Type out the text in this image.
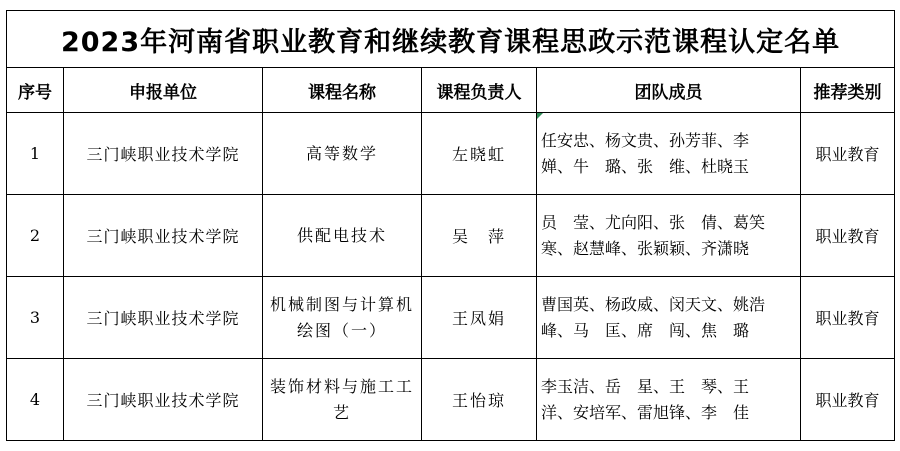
2023年河南省职业教育和继续教育课程思政示范课程认定名单					
序号	申报单位	课程名称	课程负责人	团队成员	推荐类别
1	三门峡职业技术学院	高等数学	左晓虹	任安忠、杨文贵、孙芳菲、李　婵、牛　璐、张　维、杜晓玉	职业教育
2	三门峡职业技术学院	供配电技术	吴　萍	员　莹、尤向阳、张　倩、葛笑寒、赵慧峰、张颖颖、齐潇晓	职业教育
3	三门峡职业技术学院	机械制图与计算机绘图（一）	王凤娟	曹国英、杨政威、闵天文、姚浩峰、马　匡、席　闯、焦　璐	职业教育
4	三门峡职业技术学院	装饰材料与施工工艺	王怡琼	李玉洁、岳　星、王　琴、王　洋、安培军、雷旭锋、李　佳	职业教育
